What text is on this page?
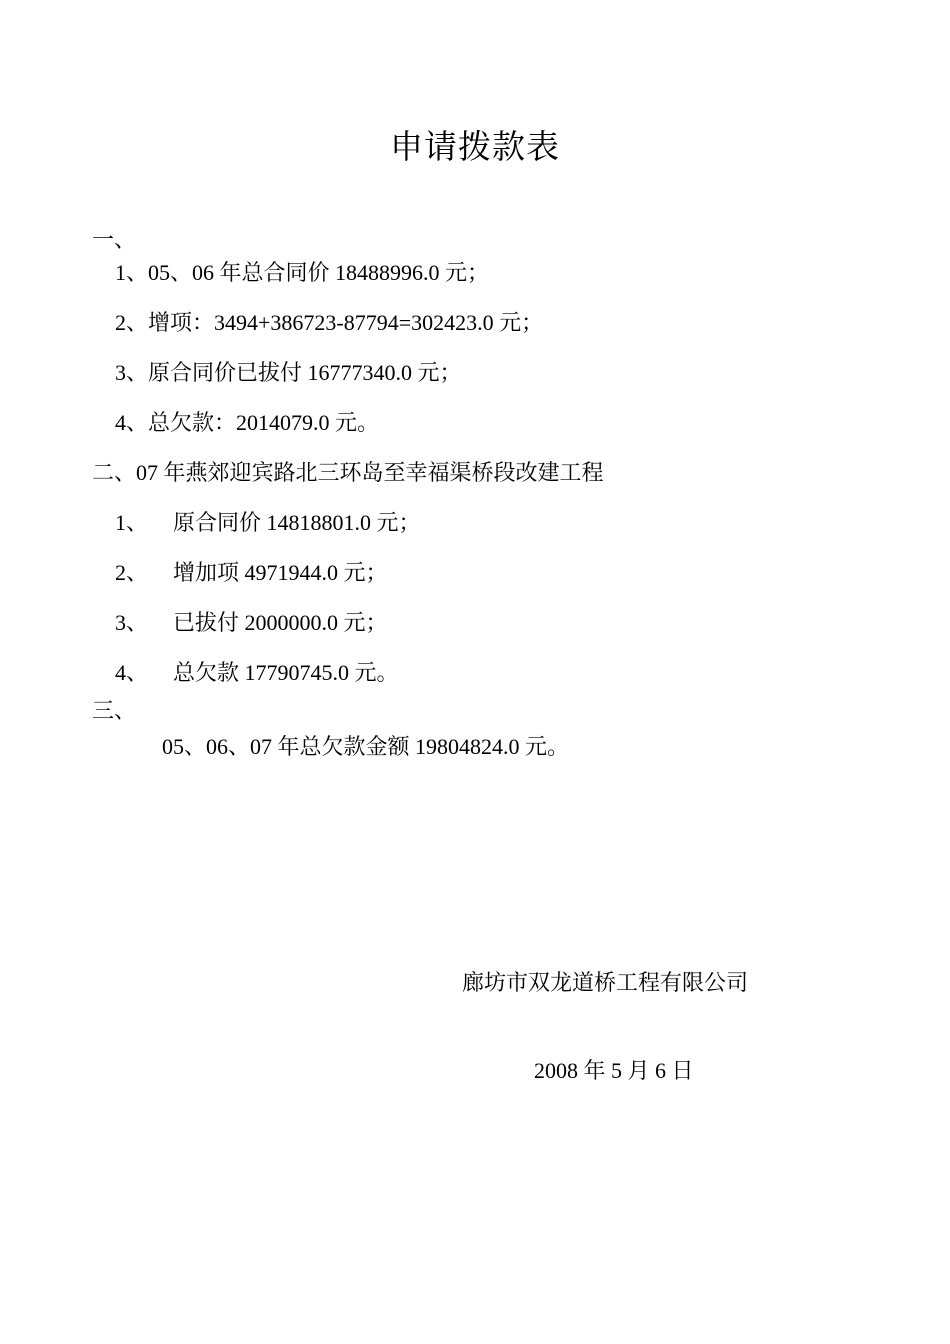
申请拨款表
一、
1、05、06 年总合同价 18488996.0 元；
2、增项：3494+386723-87794=302423.0 元；
3、原合同价已拔付 16777340.0 元；
4、总欠款：2014079.0 元。
二、07 年燕郊迎宾路北三环岛至幸福渠桥段改建工程
1、 原合同价 14818801.0 元；
2、 增加项 4971944.0 元；
3、 已拔付 2000000.0 元；
4、 总欠款 17790745.0 元。
三、
05、06、07 年总欠款金额 19804824.0 元。
廊坊市双龙道桥工程有限公司
2008 年 5 月 6 日
